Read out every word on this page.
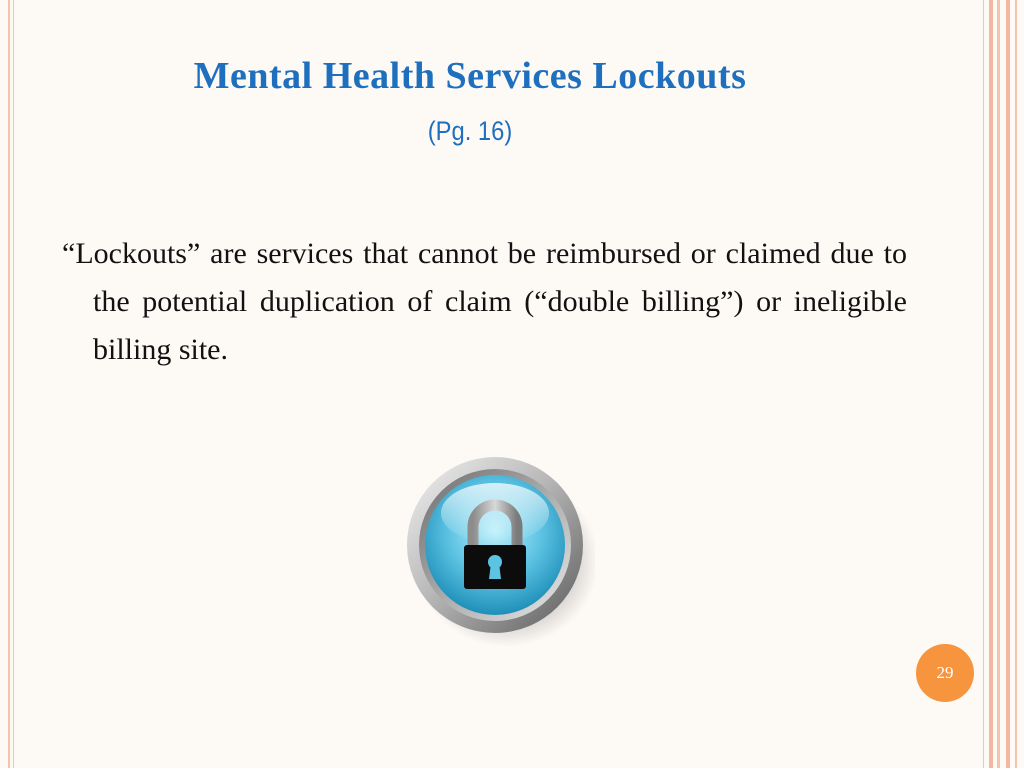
Mental Health Services Lockouts
(Pg. 16)
“Lockouts” are services that cannot be reimbursed or claimed due to the potential duplication of claim (“double billing”) or ineligible billing site.
29
